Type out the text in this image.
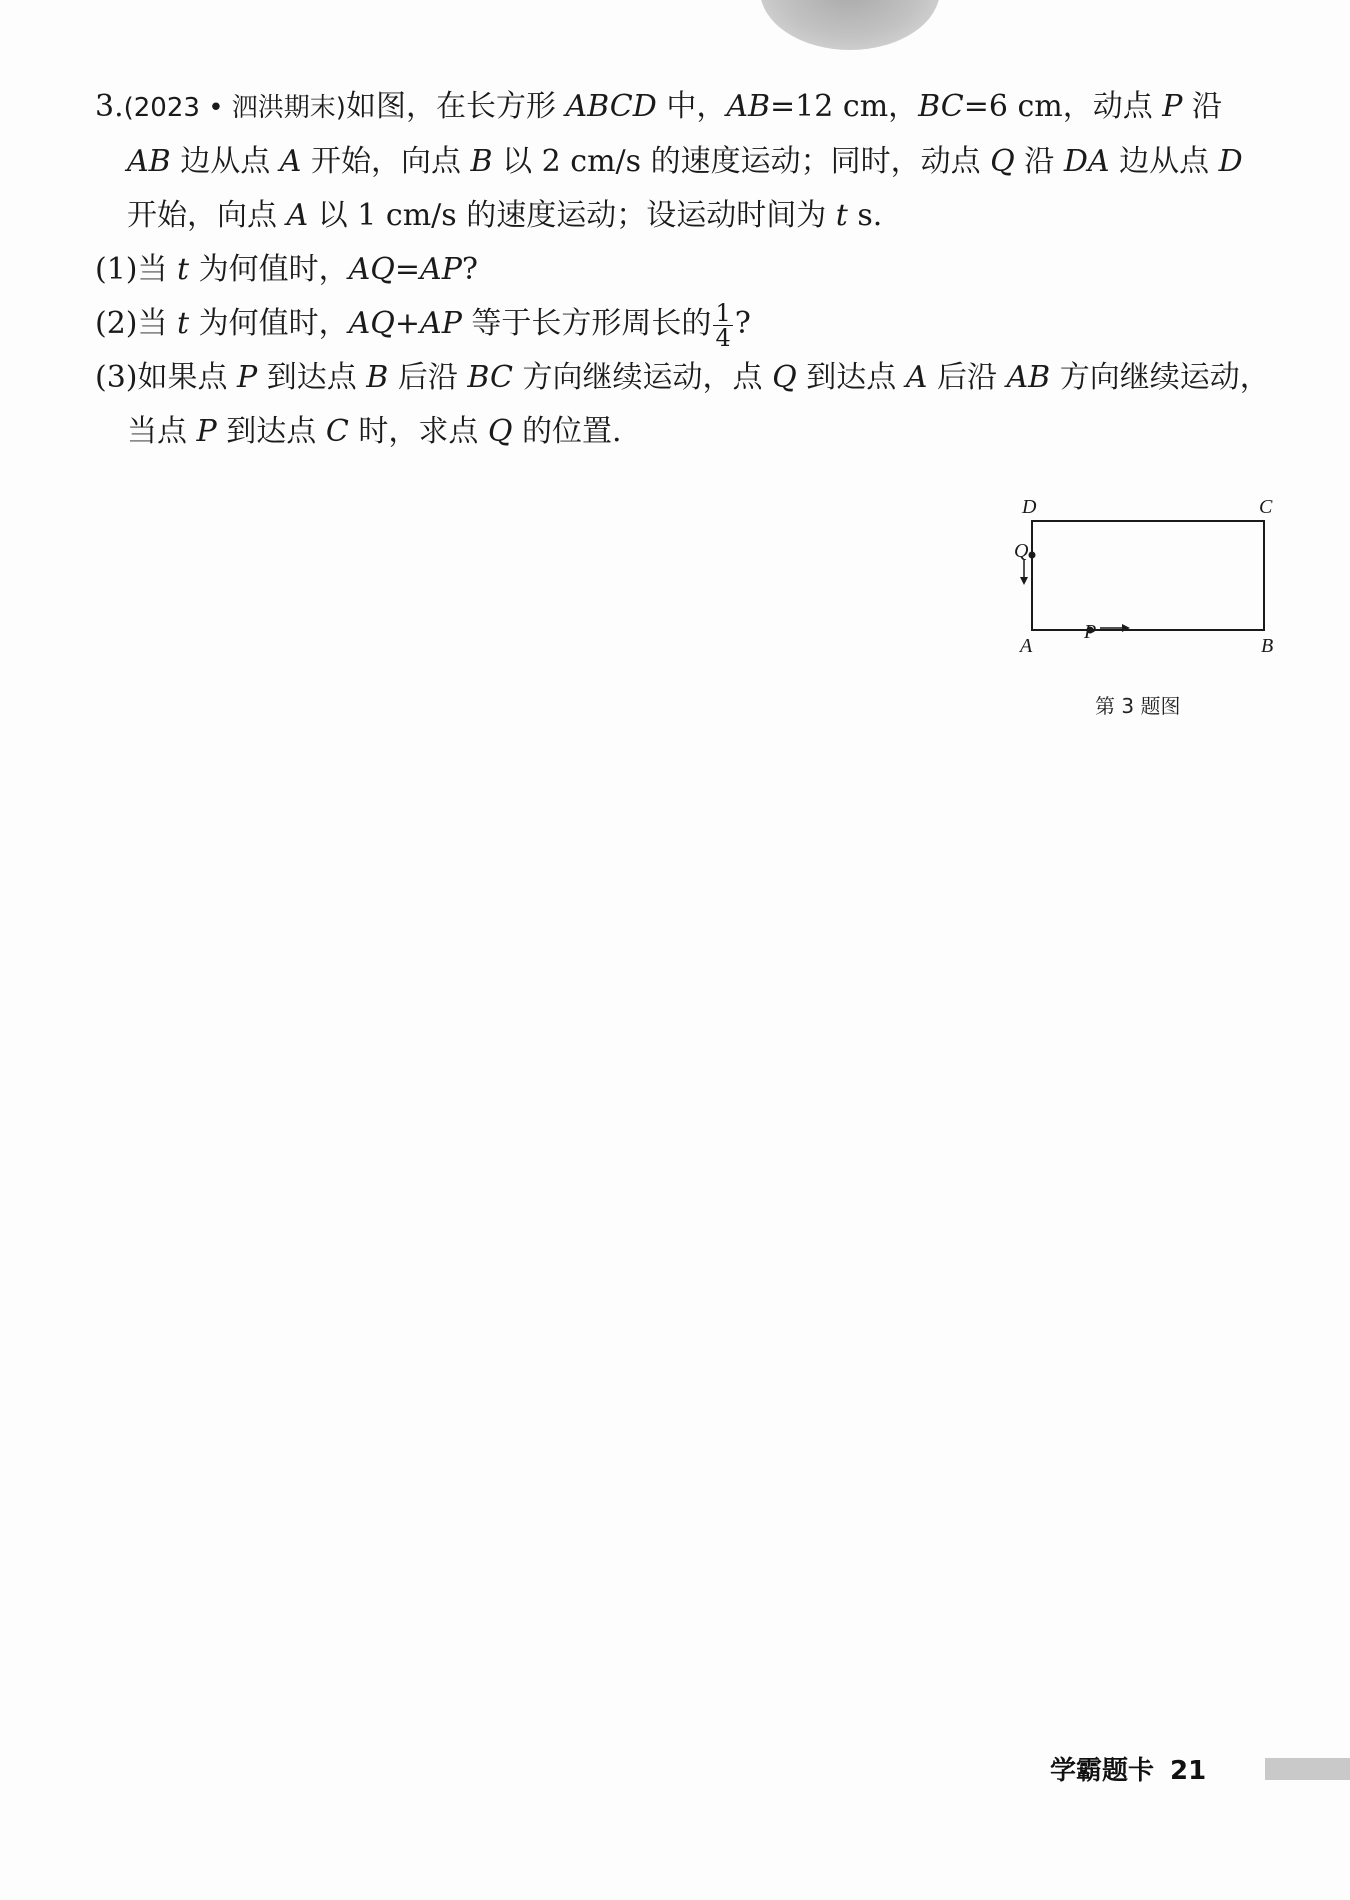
3.(2023 • 泗洪期末)如图，在长方形 ABCD 中，AB=12 cm，BC=6 cm，动点 P 沿 AB 边从点 A 开始，向点 B 以 2 cm/s 的速度运动；同时，动点 Q 沿 DA 边从点 D 开始，向点 A 以 1 cm/s 的速度运动；设运动时间为 t s.

(1)当 t 为何值时，AQ=AP?

(2)当 t 为何值时，AQ+AP 等于长方形周长的 $\frac{1}{4}$ ?

(3)如果点 P 到达点 B 后沿 BC 方向继续运动，点 Q 到达点 A 后沿 AB 方向继续运动，当点 P 到达点 C 时，求点 Q 的位置.

D	C
A	B
Q
P
第 3 题图
学霸题卡 21
